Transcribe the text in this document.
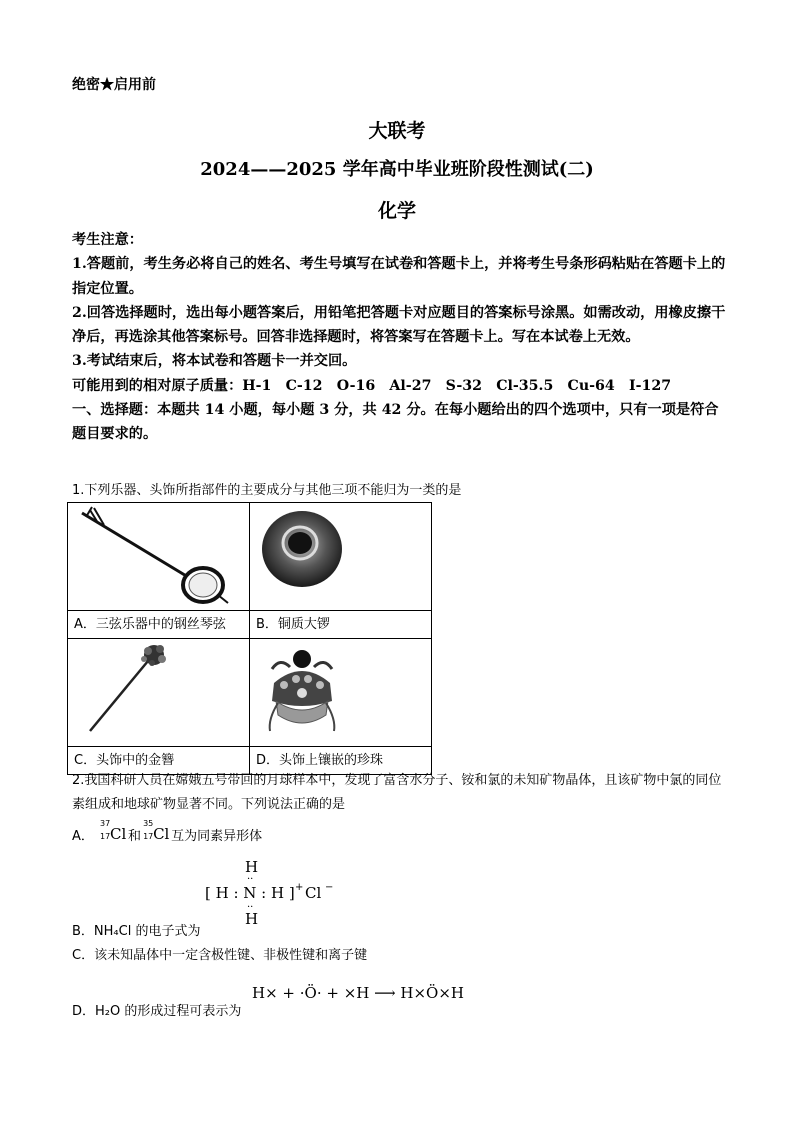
绝密★启用前
大联考
2024——2025 学年高中毕业班阶段性测试(二)
化学

考生注意：

1.答题前，考生务必将自己的姓名、考生号填写在试卷和答题卡上，并将考生号条形码粘贴在答题卡上的指定位置。

2.回答选择题时，选出每小题答案后，用铅笔把答题卡对应题目的答案标号涂黑。如需改动，用橡皮擦干净后，再选涂其他答案标号。回答非选择题时，将答案写在答题卡上。写在本试卷上无效。

3.考试结束后，将本试卷和答题卡一并交回。

可能用到的相对原子质量：H-1　C-12　O-16　Al-27　S-32　Cl-35.5　Cu-64　I-127

一、选择题：本题共 14 小题，每小题 3 分，共 42 分。在每小题给出的四个选项中，只有一项是符合题目要求的。

1.下列乐器、头饰所指部件的主要成分与其他三项不能归为一类的是

A．三弦乐器中的钢丝琴弦	B．铜质大锣

C．头饰中的金簪	D．头饰上镶嵌的珍珠

2.我国科研人员在嫦娥五号带回的月球样本中，发现了富含水分子、铵和氯的未知矿物晶体，且该矿物中氯的同位素组成和地球矿物显著不同。下列说法正确的是

A．
37
17 Cl 和
35
17 Cl 互为同素异形体
H
··
[ H : N : H ] + Cl −
··
H
B．NH₄Cl 的电子式为
C．该未知晶体中一定含极性键、非极性键和离子键
H× + ·Ö· + ×H ⟶ H×Ö×H
D．H₂O 的形成过程可表示为
